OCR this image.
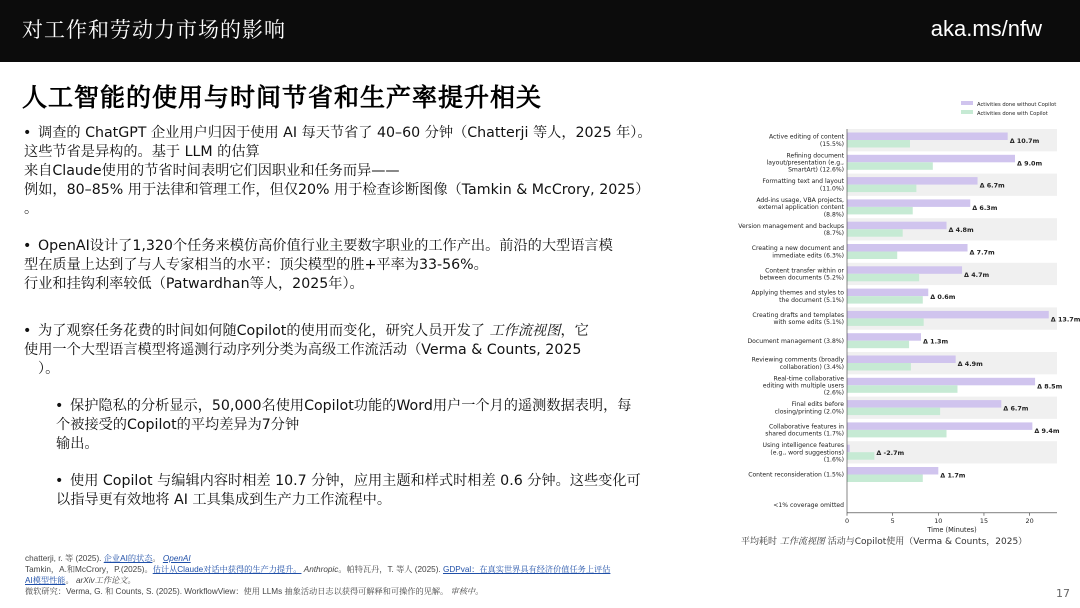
对工作和劳动力市场的影响	aka.ms/nfw
人工智能的使用与时间节省和生产率提升相关
• 调查的 ChatGPT 企业用户归因于使用 AI 每天节省了 40–60 分钟（Chatterji 等人，2025 年）。
这些节省是异构的。基于 LLM 的估算
来自Claude使用的节省时间表明它们因职业和任务而异——
例如，80–85% 用于法律和管理工作，但仅20% 用于检查诊断图像（Tamkin & McCrory, 2025）
。
• OpenAI设计了1,320个任务来模仿高价值行业主要数字职业的工作产出。前沿的大型语言模
型在质量上达到了与人专家相当的水平：顶尖模型的胜+平率为33-56%。
行业和挂钩利率较低（Patwardhan等人，2025年）。
• 为了观察任务花费的时间如何随Copilot的使用而变化，研究人员开发了 工作流视图，它
使用一个大型语言模型将遥测行动序列分类为高级工作流活动（Verma & Counts, 2025
）。
• 保护隐私的分析显示，50,000名使用Copilot功能的Word用户一个月的遥测数据表明，每
个被接受的Copilot的平均差异为7分钟
输出。
• 使用 Copilot 与编辑内容时相差 10.7 分钟，应用主题和样式时相差 0.6 分钟。这些变化可
以指导更有效地将 AI 工具集成到生产力工作流程中。
Activities done without Copilot
Activities done with Copilot
Δ 10.7m
Active editing of content
(15.5%)
Δ 9.0m
Refining document
layout/presentation (e.g.,
SmartArt) (12.6%)
Δ 6.7m
Formatting text and layout
(11.0%)
Δ 6.3m
Add-ins usage, VBA projects,
external application content
(8.8%)
Δ 4.8m
Version management and backups
(8.7%)
Δ 7.7m
Creating a new document and
immediate edits (6.3%)
Δ 4.7m
Content transfer within or
between documents (5.2%)
Δ 0.6m
Applying themes and styles to
the document (5.1%)
Δ 13.7m
Creating drafts and templates
with some edits (5.1%)
Δ 1.3m
Document management (3.8%)
Δ 4.9m
Reviewing comments (broadly
collaboration) (3.4%)
Δ 8.5m
Real-time collaborative
editing with multiple users
(2.6%)
Δ 6.7m
Final edits before
closing/printing (2.0%)
Δ 9.4m
Collaborative features in
shared documents (1.7%)
Δ -2.7m
Using intelligence features
(e.g., word suggestions)
(1.6%)
Δ 1.7m
Content reconsideration (1.5%)
<1% coverage omitted
0	5	10	15	20
Time (Minutes)
平均耗时 工作流视图 活动与Copilot使用（Verma & Counts，2025）
chatterji, r. 等 (2025). 企业AI的状态。 OpenAI
Tamkin，A.和McCrory，P.(2025)。估计从Claude对话中获得的生产力提升。 Anthropic。帕特瓦丹，T. 等人 (2025). GDPval：在真实世界具有经济价值任务上评估
AI模型性能。 arXiv工作论文。
微软研究：Verma, G. 和 Counts, S. (2025). WorkflowView：使用 LLMs 抽象活动日志以获得可解释和可操作的见解。 审核中。	17
